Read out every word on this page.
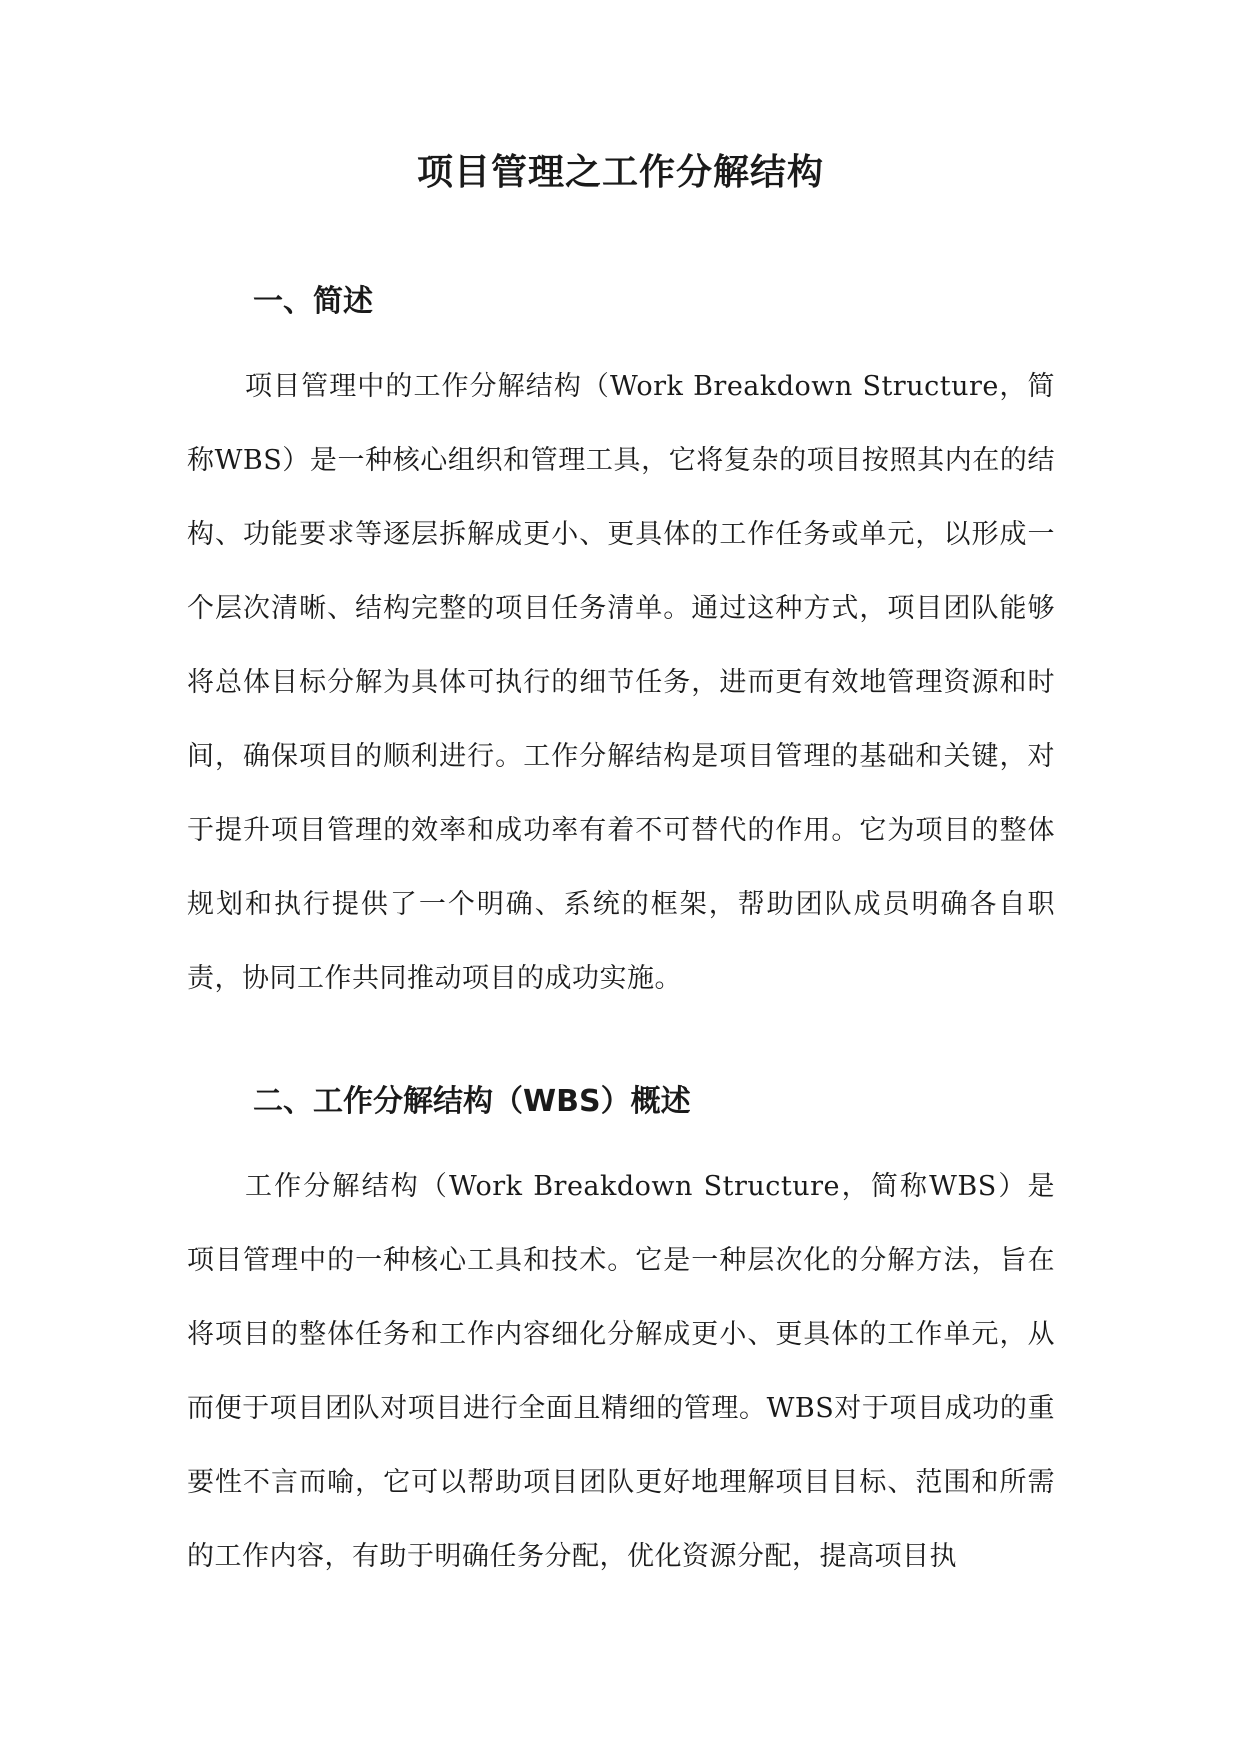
项目管理之工作分解结构
一、简述

项目管理中的工作分解结构（Work Breakdown Structure，简称WBS）是一种核心组织和管理工具，它将复杂的项目按照其内在的结构、功能要求等逐层拆解成更小、更具体的工作任务或单元，以形成一个层次清晰、结构完整的项目任务清单。通过这种方式，项目团队能够将总体目标分解为具体可执行的细节任务，进而更有效地管理资源和时间，确保项目的顺利进行。工作分解结构是项目管理的基础和关键，对于提升项目管理的效率和成功率有着不可替代的作用。它为项目的整体规划和执行提供了一个明确、系统的框架，帮助团队成员明确各自职责，协同工作共同推动项目的成功实施。

二、工作分解结构（WBS）概述

工作分解结构（Work Breakdown Structure，简称WBS）是项目管理中的一种核心工具和技术。它是一种层次化的分解方法，旨在将项目的整体任务和工作内容细化分解成更小、更具体的工作单元，从而便于项目团队对项目进行全面且精细的管理。WBS对于项目成功的重要性不言而喻，它可以帮助项目团队更好地理解项目目标、范围和所需的工作内容，有助于明确任务分配，优化资源分配，提高项目执
